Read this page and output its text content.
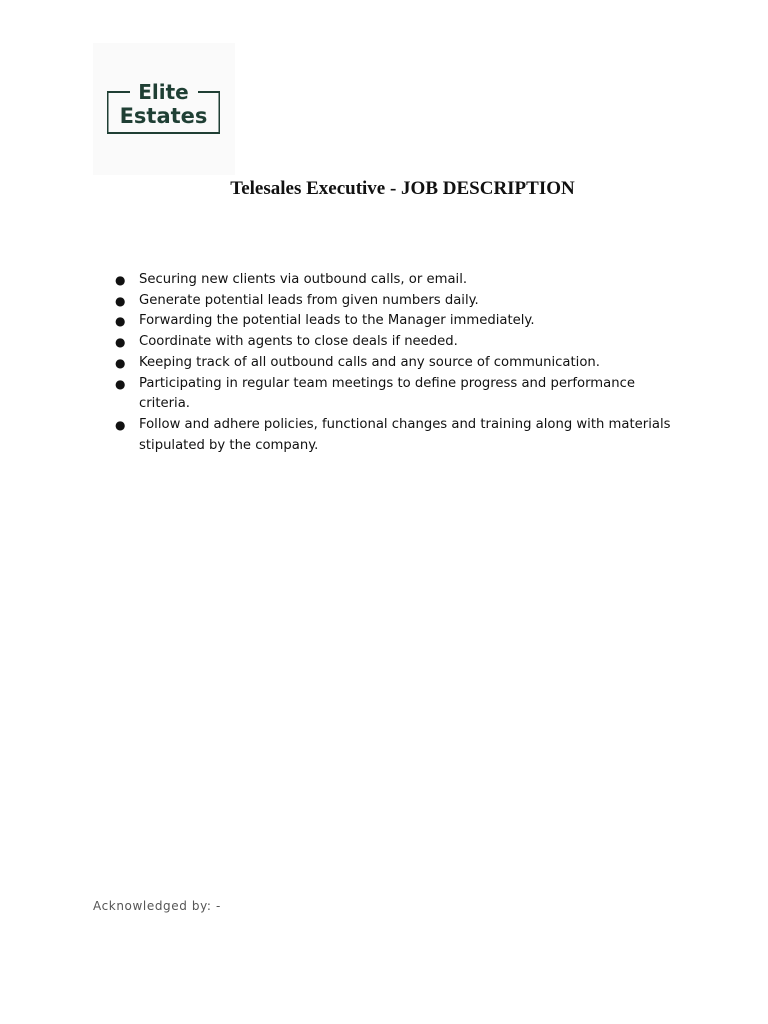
Elite
Estates
Telesales Executive - JOB DESCRIPTION
● Securing new clients via outbound calls, or email.
● Generate potential leads from given numbers daily.
● Forwarding the potential leads to the Manager immediately.
● Coordinate with agents to close deals if needed.
● Keeping track of all outbound calls and any source of communication.
● Participating in regular team meetings to define progress and performance criteria.
● Follow and adhere policies, functional changes and training along with materials stipulated by the company.
Acknowledged by: -
